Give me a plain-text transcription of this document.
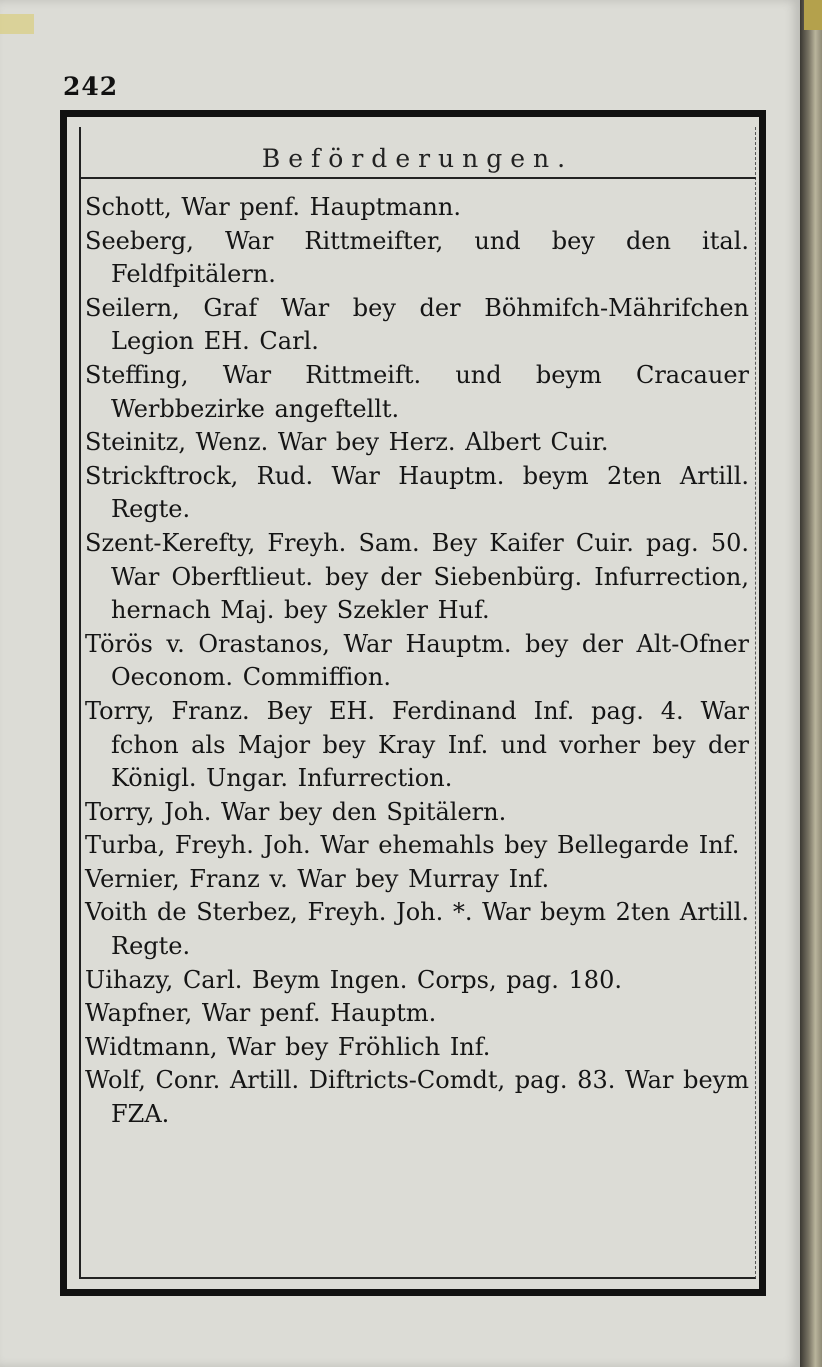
242
Beförderungen.
Schott, War penf. Hauptmann.
Seeberg, War Rittmeifter, und bey den ital. Feldfpitälern.
Seilern, Graf War bey der Böhmifch-Mährifchen Legion EH. Carl.
Steffing, War Rittmeift. und beym Cracauer Werbbezirke angeftellt.
Steinitz, Wenz. War bey Herz. Albert Cuir.
Strickftrock, Rud. War Hauptm. beym 2ten Artill. Regte.
Szent-Kerefty, Freyh. Sam. Bey Kaifer Cuir. pag. 50. War Oberftlieut. bey der Siebenbürg. Infurrection, hernach Maj. bey Szekler Huf.
Törös v. Orastanos, War Hauptm. bey der Alt-Ofner Oeconom. Commiffion.
Torry, Franz. Bey EH. Ferdinand Inf. pag. 4. War fchon als Major bey Kray Inf. und vorher bey der Königl. Ungar. Infurrection.
Torry, Joh. War bey den Spitälern.
Turba, Freyh. Joh. War ehemahls bey Bellegarde Inf.
Vernier, Franz v. War bey Murray Inf.
Voith de Sterbez, Freyh. Joh. *. War beym 2ten Artill. Regte.
Uihazy, Carl. Beym Ingen. Corps, pag. 180.
Wapfner, War penf. Hauptm.
Widtmann, War bey Fröhlich Inf.
Wolf, Conr. Artill. Diftricts-Comdt, pag. 83. War beym FZA.
